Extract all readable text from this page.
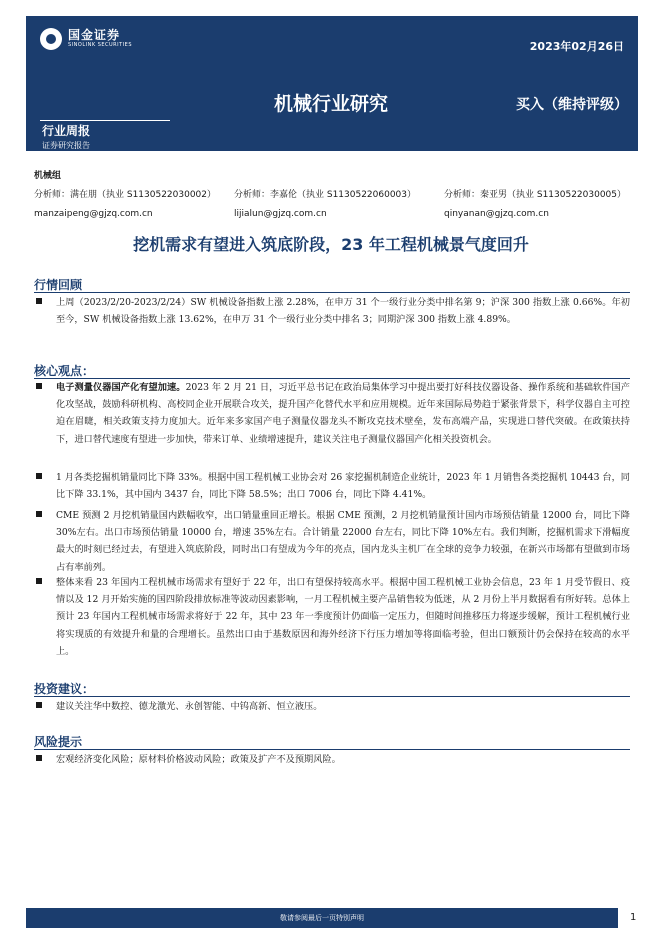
国金证券
SINOLINK SECURITIES	2023年02月26日
机械行业研究	买入（维持评级）
行业周报
证券研究报告
机械组
分析师：满在朋（执业 S1130522030002） 分析师：李嘉伦（执业 S1130522060003）	分析师：秦亚男（执业 S1130522030005）
manzaipeng@gjzq.com.cn	lijialun@gjzq.com.cn	qinyanan@gjzq.com.cn
挖机需求有望进入筑底阶段，23 年工程机械景气度回升
行情回顾
上周（2023/2/20-2023/2/24）SW 机械设备指数上涨 2.28%，在申万 31 个一级行业分类中排名第 9；沪深 300 指数上涨 0.66%。年初至今，SW 机械设备指数上涨 13.62%，在申万 31 个一级行业分类中排名 3；同期沪深 300 指数上涨 4.89%。
核心观点：
电子测量仪器国产化有望加速。2023 年 2 月 21 日，习近平总书记在政治局集体学习中提出要打好科技仪器设备、操作系统和基础软件国产化攻坚战，鼓励科研机构、高校同企业开展联合攻关，提升国产化替代水平和应用规模。近年来国际局势趋于紧张背景下，科学仪器自主可控迫在眉睫，相关政策支持力度加大。近年来多家国产电子测量仪器龙头不断攻克技术壁垒，发布高端产品，实现进口替代突破。在政策扶持下，进口替代速度有望进一步加快，带来订单、业绩增速提升，建议关注电子测量仪器国产化相关投资机会。
1 月各类挖掘机销量同比下降 33%。根据中国工程机械工业协会对 26 家挖掘机制造企业统计，2023 年 1 月销售各类挖掘机 10443 台，同比下降 33.1%，其中国内 3437 台，同比下降 58.5%；出口 7006 台，同比下降 4.41%。
CME 预测 2 月挖机销量国内跌幅收窄，出口销量重回正增长。根据 CME 预测，2 月挖机销量预计国内市场预估销量 12000 台，同比下降 30%左右。出口市场预估销量 10000 台，增速 35%左右。合计销量 22000 台左右，同比下降 10%左右。我们判断，挖掘机需求下滑幅度最大的时刻已经过去，有望进入筑底阶段，同时出口有望成为今年的亮点，国内龙头主机厂在全球的竞争力较强，在新兴市场都有望做到市场占有率前列。
整体来看 23 年国内工程机械市场需求有望好于 22 年，出口有望保持较高水平。根据中国工程机械工业协会信息，23 年 1 月受节假日、疫情以及 12 月开始实施的国四阶段排放标准等波动因素影响，一月工程机械主要产品销售较为低迷，从 2 月份上半月数据看有所好转。总体上预计 23 年国内工程机械市场需求将好于 22 年，其中 23 年一季度预计仍面临一定压力，但随时间推移压力将逐步缓解，预计工程机械行业将实现质的有效提升和量的合理增长。虽然出口由于基数原因和海外经济下行压力增加等将面临考验，但出口额预计仍会保持在较高的水平上。
投资建议：
建议关注华中数控、德龙激光、永创智能、中钨高新、恒立液压。
风险提示
宏观经济变化风险；原材料价格波动风险；政策及扩产不及预期风险。
敬请参阅最后一页特别声明	1
